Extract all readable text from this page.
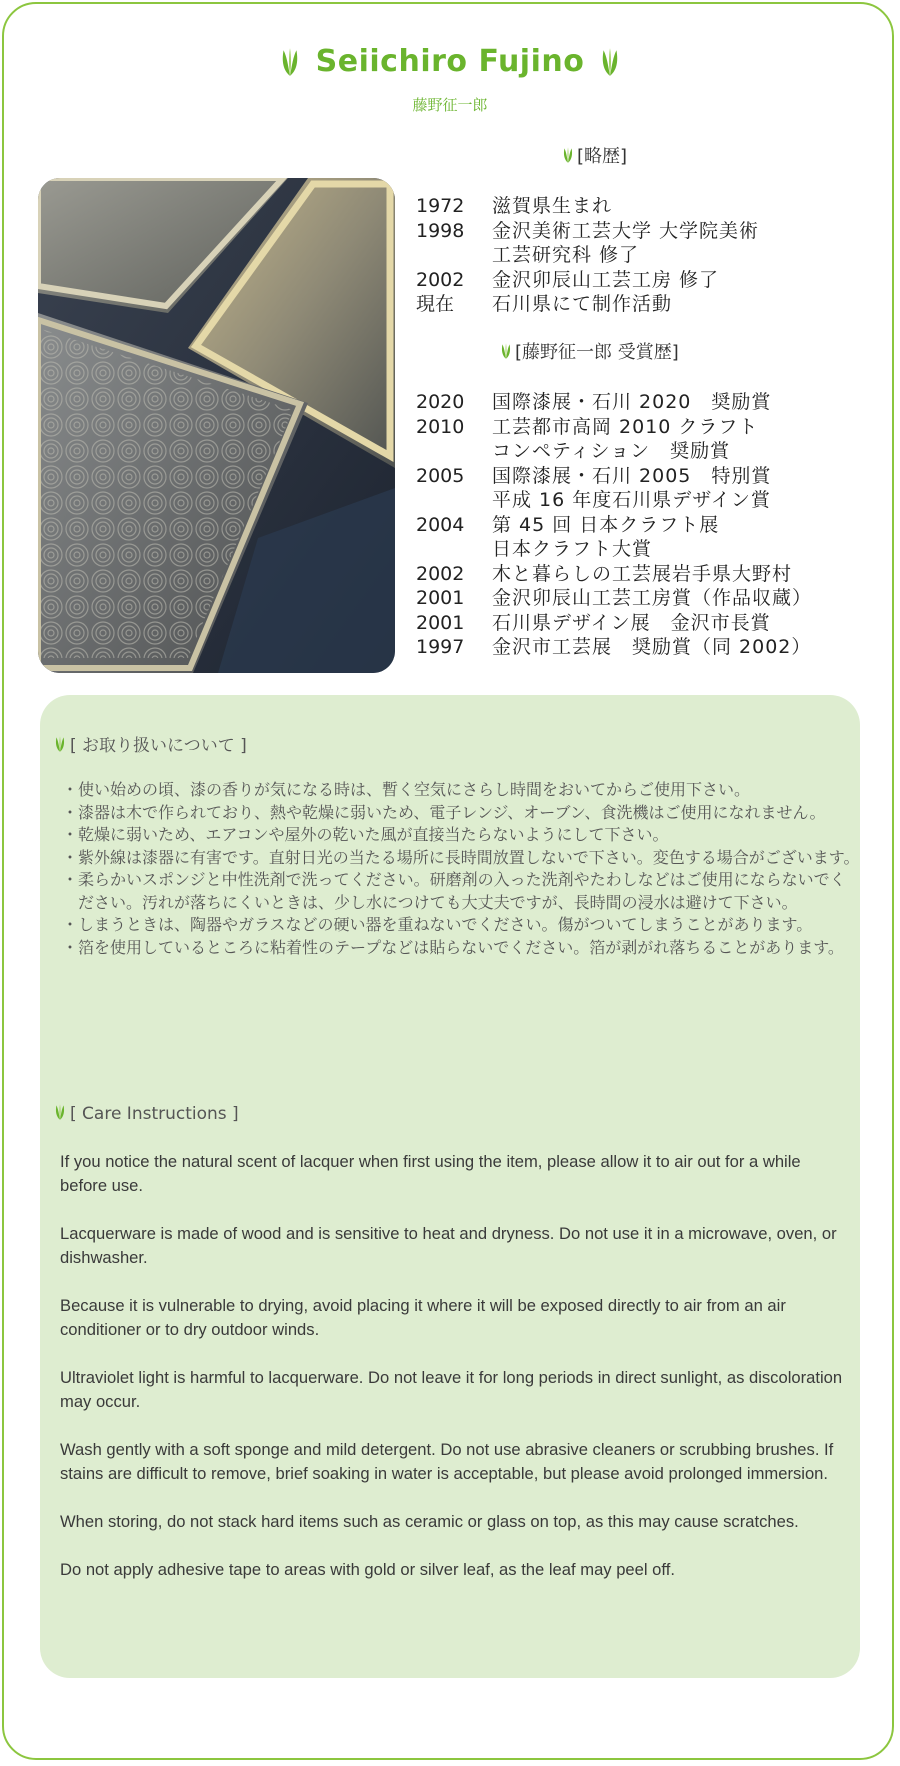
Seiichiro Fujino
藤野征一郎
[略歴]
1972	滋賀県生まれ
1998	金沢美術工芸大学 大学院美術
工芸研究科 修了
2002	金沢卯辰山工芸工房 修了
現在	石川県にて制作活動
[藤野征一郎 受賞歴]
2020	国際漆展・石川 2020　奨励賞
2010	工芸都市高岡 2010 クラフト
コンペティション　奨励賞
2005	国際漆展・石川 2005　特別賞
平成 16 年度石川県デザイン賞
2004	第 45 回 日本クラフト展
日本クラフト大賞
2002	木と暮らしの工芸展岩手県大野村
2001	金沢卯辰山工芸工房賞（作品収蔵）
2001	石川県デザイン展　金沢市長賞
1997	金沢市工芸展　奨励賞（同 2002）
[ お取り扱いについて ]
・ 使い始めの頃、漆の香りが気になる時は、暫く空気にさらし時間をおいてからご使用下さい。
・ 漆器は木で作られており、熱や乾燥に弱いため、電子レンジ、オーブン、食洗機はご使用になれません。
・ 乾燥に弱いため、エアコンや屋外の乾いた風が直接当たらないようにして下さい。
・ 紫外線は漆器に有害です。直射日光の当たる場所に長時間放置しないで下さい。変色する場合がございます。
・ 柔らかいスポンジと中性洗剤で洗ってください。研磨剤の入った洗剤やたわしなどはご使用にならないでください。汚れが落ちにくいときは、少し水につけても大丈夫ですが、長時間の浸水は避けて下さい。
・ しまうときは、陶器やガラスなどの硬い器を重ねないでください。傷がついてしまうことがあります。
・ 箔を使用しているところに粘着性のテープなどは貼らないでください。箔が剥がれ落ちることがあります。
[ Care Instructions ]

If you notice the natural scent of lacquer when first using the item, please allow it to air out for a while before use.

Lacquerware is made of wood and is sensitive to heat and dryness. Do not use it in a microwave, oven, or dishwasher.

Because it is vulnerable to drying, avoid placing it where it will be exposed directly to air from an air conditioner or to dry outdoor winds.

Ultraviolet light is harmful to lacquerware. Do not leave it for long periods in direct sunlight, as discoloration may occur.

Wash gently with a soft sponge and mild detergent. Do not use abrasive cleaners or scrubbing brushes. If stains are difficult to remove, brief soaking in water is acceptable, but please avoid prolonged immersion.

When storing, do not stack hard items such as ceramic or glass on top, as this may cause scratches.

Do not apply adhesive tape to areas with gold or silver leaf, as the leaf may peel off.
